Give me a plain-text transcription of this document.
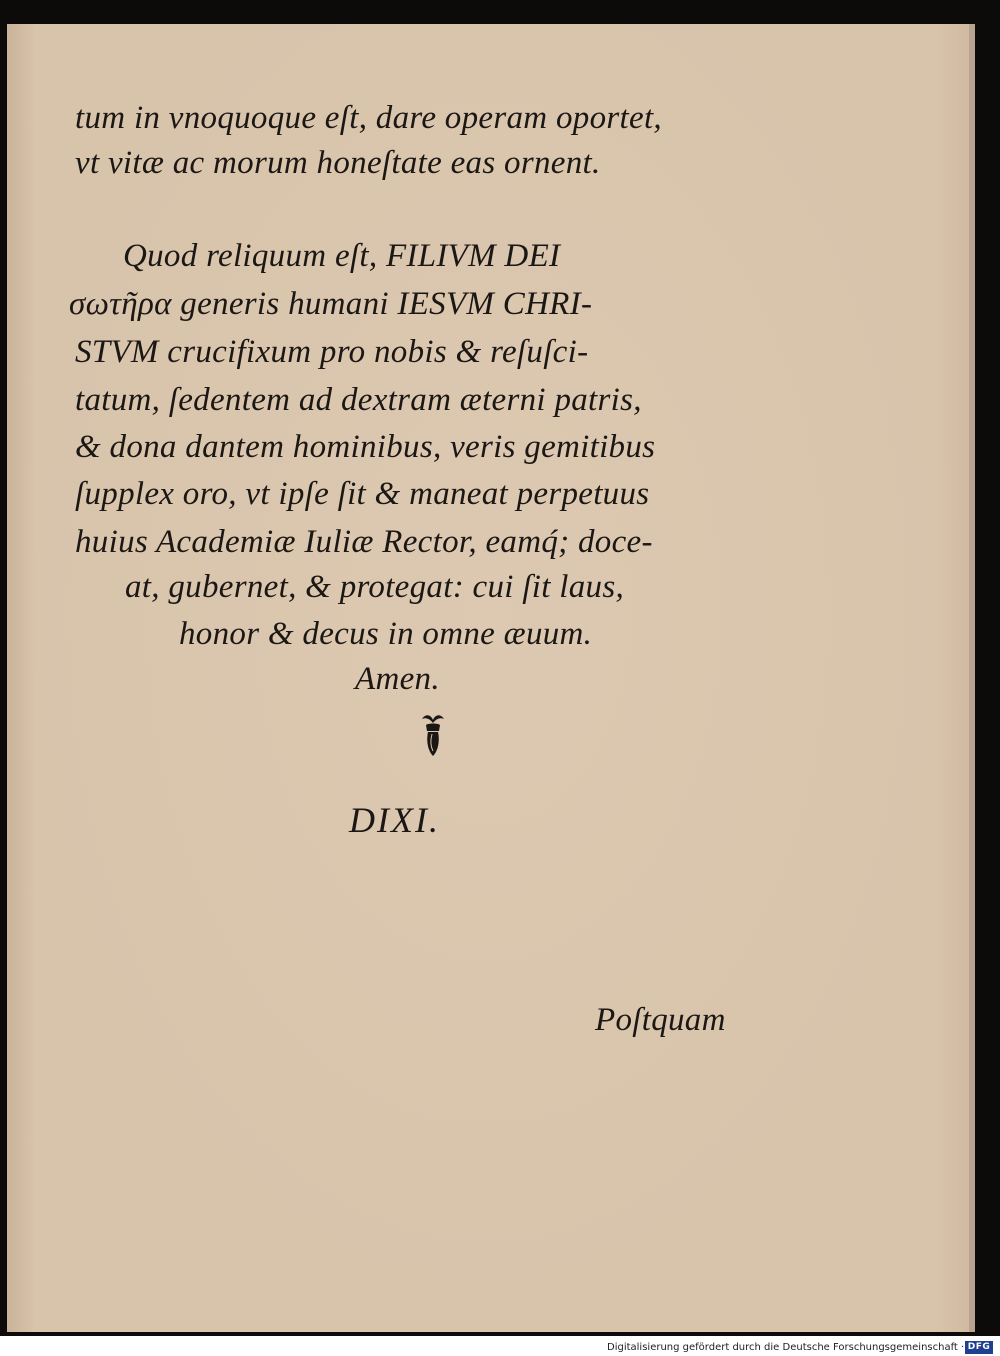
tum in vnoquoque eſt, dare operam oportet,
vt vitæ ac morum honeſtate eas ornent.
Quod reliquum eſt, FILIVM DEI
σωτῆρα generis humani IESVM CHRI-
STVM crucifixum pro nobis & reſuſci-
tatum, ſedentem ad dextram æterni patris,
& dona dantem hominibus, veris gemitibus
ſupplex oro, vt ipſe ſit & maneat perpetuus
huius Academiæ Iuliæ Rector, eamq́; doce-
at, gubernet, & protegat: cui ſit laus,
honor & decus in omne æuum.
Amen.
DIXI.
Poſtquam
Digitalisierung gefördert durch die Deutsche Forschungsgemeinschaft · DFG
